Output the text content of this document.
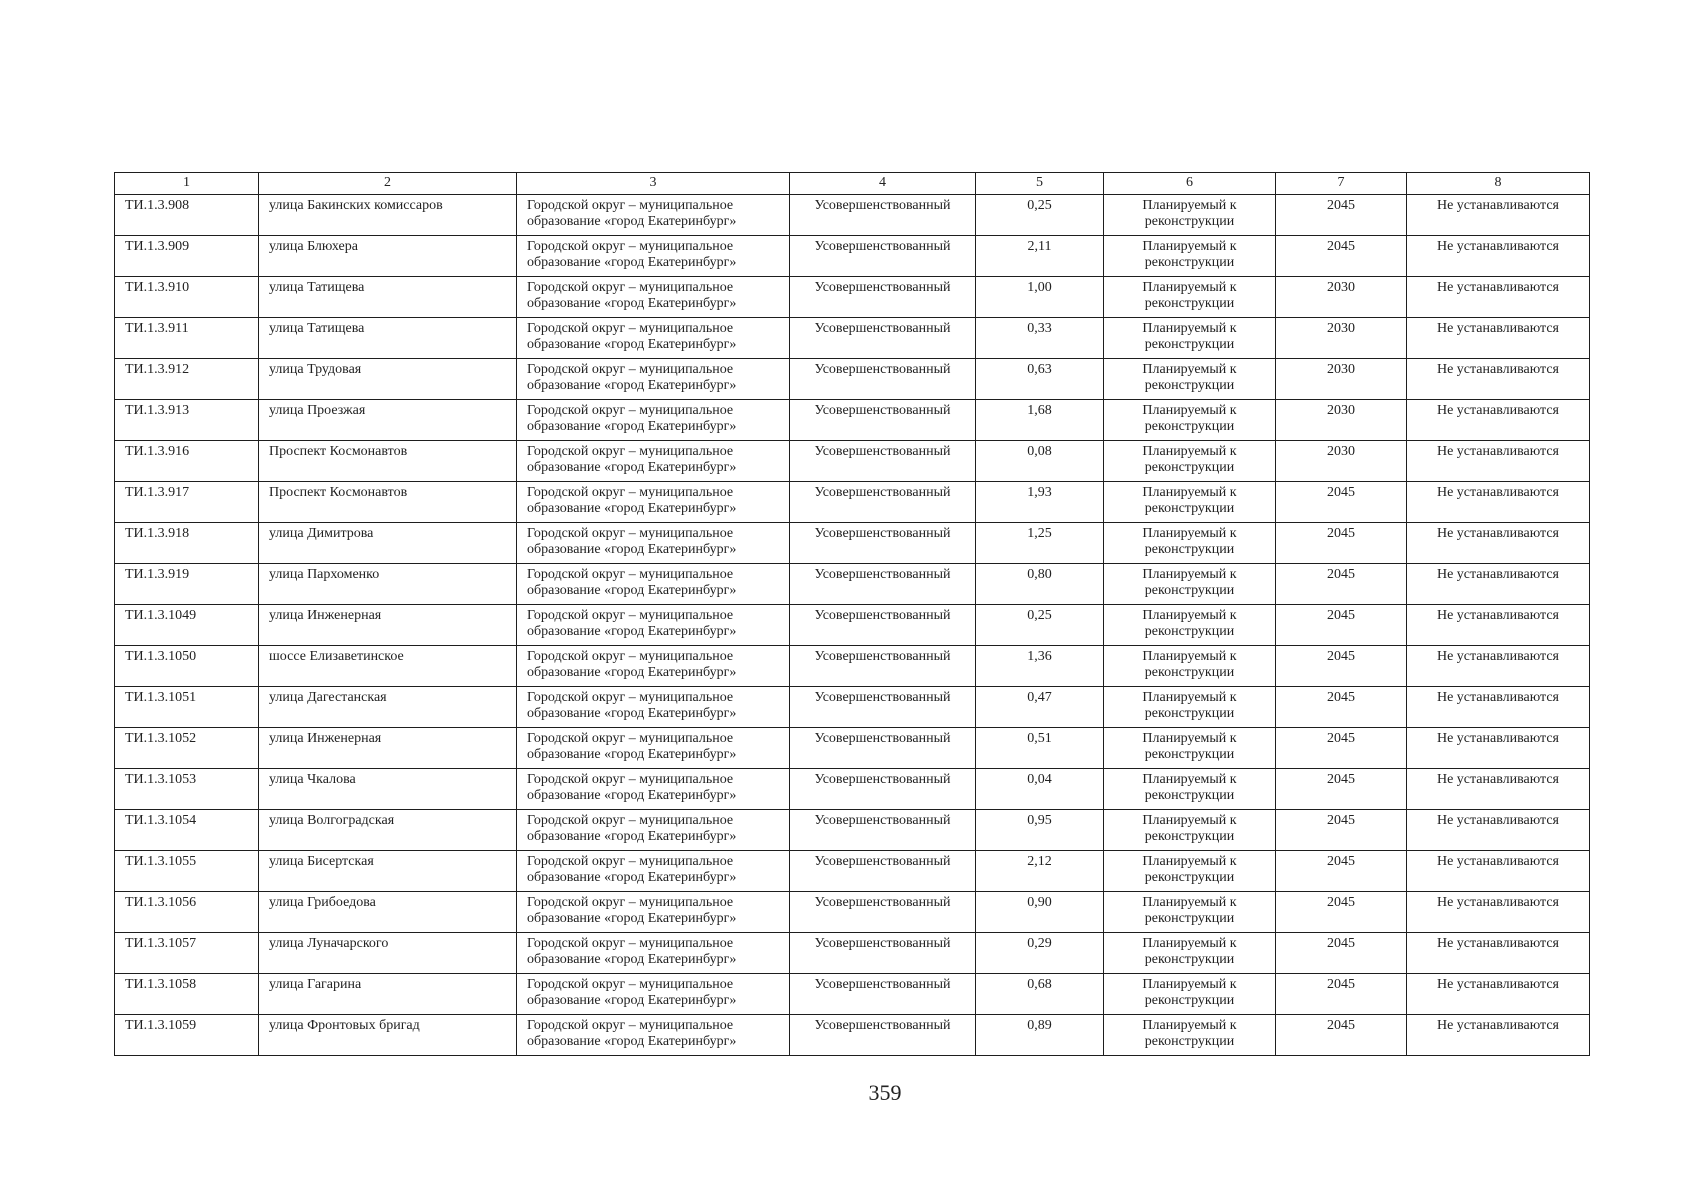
1	2	3	4	5	6	7	8
ТИ.1.3.908	улица Бакинских комиссаров	Городской округ – муниципальное образование «город Екатеринбург»	Усовершенствованный	0,25	Планируемый к реконструкции	2045	Не устанавливаются
ТИ.1.3.909	улица Блюхера	Городской округ – муниципальное образование «город Екатеринбург»	Усовершенствованный	2,11	Планируемый к реконструкции	2045	Не устанавливаются
ТИ.1.3.910	улица Татищева	Городской округ – муниципальное образование «город Екатеринбург»	Усовершенствованный	1,00	Планируемый к реконструкции	2030	Не устанавливаются
ТИ.1.3.911	улица Татищева	Городской округ – муниципальное образование «город Екатеринбург»	Усовершенствованный	0,33	Планируемый к реконструкции	2030	Не устанавливаются
ТИ.1.3.912	улица Трудовая	Городской округ – муниципальное образование «город Екатеринбург»	Усовершенствованный	0,63	Планируемый к реконструкции	2030	Не устанавливаются
ТИ.1.3.913	улица Проезжая	Городской округ – муниципальное образование «город Екатеринбург»	Усовершенствованный	1,68	Планируемый к реконструкции	2030	Не устанавливаются
ТИ.1.3.916	Проспект Космонавтов	Городской округ – муниципальное образование «город Екатеринбург»	Усовершенствованный	0,08	Планируемый к реконструкции	2030	Не устанавливаются
ТИ.1.3.917	Проспект Космонавтов	Городской округ – муниципальное образование «город Екатеринбург»	Усовершенствованный	1,93	Планируемый к реконструкции	2045	Не устанавливаются
ТИ.1.3.918	улица Димитрова	Городской округ – муниципальное образование «город Екатеринбург»	Усовершенствованный	1,25	Планируемый к реконструкции	2045	Не устанавливаются
ТИ.1.3.919	улица Пархоменко	Городской округ – муниципальное образование «город Екатеринбург»	Усовершенствованный	0,80	Планируемый к реконструкции	2045	Не устанавливаются
ТИ.1.3.1049	улица Инженерная	Городской округ – муниципальное образование «город Екатеринбург»	Усовершенствованный	0,25	Планируемый к реконструкции	2045	Не устанавливаются
ТИ.1.3.1050	шоссе Елизаветинское	Городской округ – муниципальное образование «город Екатеринбург»	Усовершенствованный	1,36	Планируемый к реконструкции	2045	Не устанавливаются
ТИ.1.3.1051	улица Дагестанская	Городской округ – муниципальное образование «город Екатеринбург»	Усовершенствованный	0,47	Планируемый к реконструкции	2045	Не устанавливаются
ТИ.1.3.1052	улица Инженерная	Городской округ – муниципальное образование «город Екатеринбург»	Усовершенствованный	0,51	Планируемый к реконструкции	2045	Не устанавливаются
ТИ.1.3.1053	улица Чкалова	Городской округ – муниципальное образование «город Екатеринбург»	Усовершенствованный	0,04	Планируемый к реконструкции	2045	Не устанавливаются
ТИ.1.3.1054	улица Волгоградская	Городской округ – муниципальное образование «город Екатеринбург»	Усовершенствованный	0,95	Планируемый к реконструкции	2045	Не устанавливаются
ТИ.1.3.1055	улица Бисертская	Городской округ – муниципальное образование «город Екатеринбург»	Усовершенствованный	2,12	Планируемый к реконструкции	2045	Не устанавливаются
ТИ.1.3.1056	улица Грибоедова	Городской округ – муниципальное образование «город Екатеринбург»	Усовершенствованный	0,90	Планируемый к реконструкции	2045	Не устанавливаются
ТИ.1.3.1057	улица Луначарского	Городской округ – муниципальное образование «город Екатеринбург»	Усовершенствованный	0,29	Планируемый к реконструкции	2045	Не устанавливаются
ТИ.1.3.1058	улица Гагарина	Городской округ – муниципальное образование «город Екатеринбург»	Усовершенствованный	0,68	Планируемый к реконструкции	2045	Не устанавливаются
ТИ.1.3.1059	улица Фронтовых бригад	Городской округ – муниципальное образование «город Екатеринбург»	Усовершенствованный	0,89	Планируемый к реконструкции	2045	Не устанавливаются
359
